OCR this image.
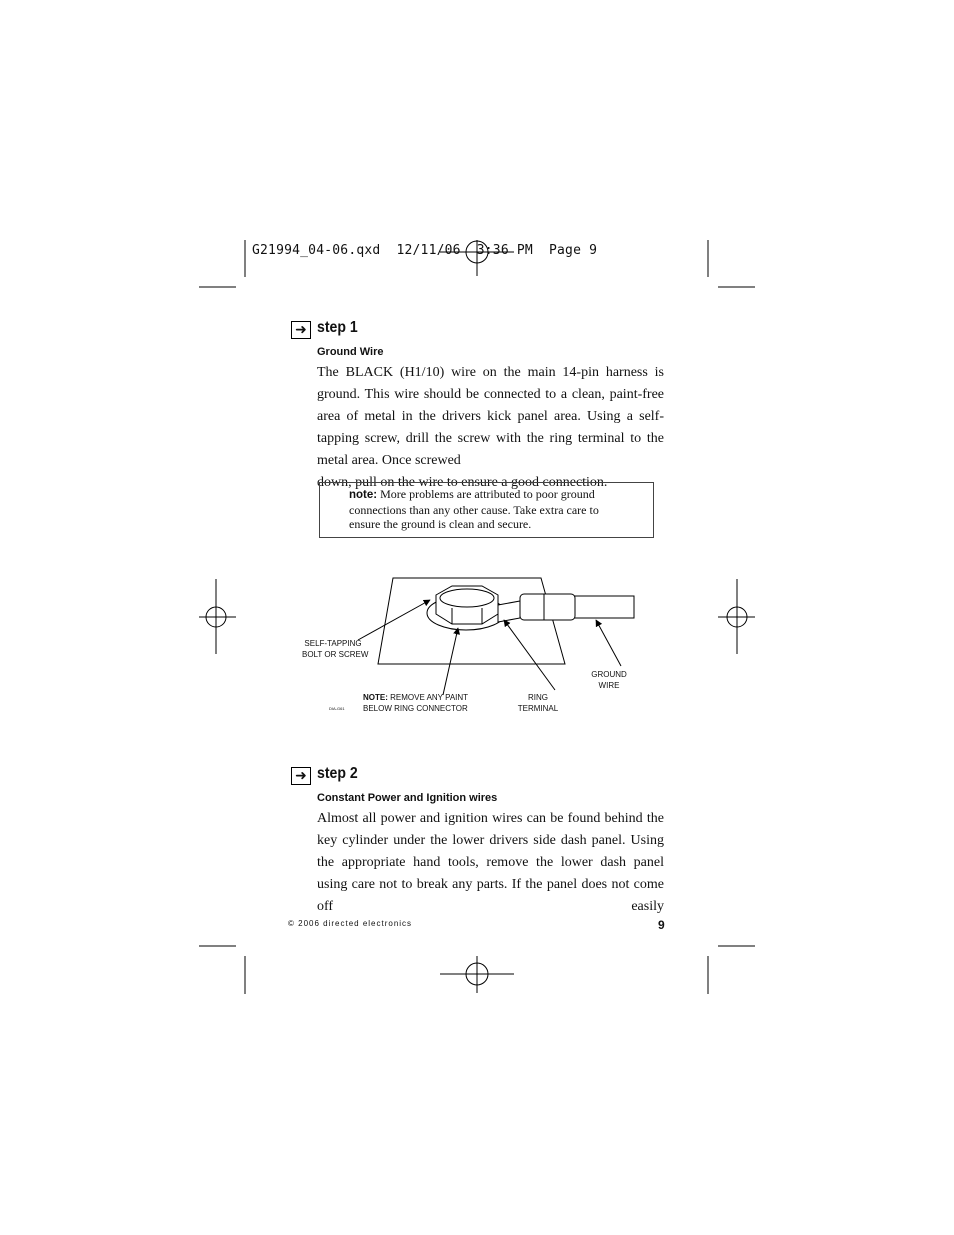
G21994_04-06.qxd  12/11/06  3:36 PM  Page 9
➜ step 1
Ground Wire
The BLACK (H1/10) wire on the main 14-pin harness is ground. This wire should be connected to a clean, paint-free area of metal in the drivers kick panel area. Using a self-tapping screw, drill the screw with the ring terminal to the metal area. Once screwed
down, pull on the wire to ensure a good connection.
note: More problems are attributed to poor ground connections than any other cause. Take extra care to ensure the ground is clean and secure.
SELF-TAPPING
BOLT OR SCREW
GROUND
WIRE
NOTE: REMOVE ANY PAINT
BELOW RING CONNECTOR
RING
TERMINAL
DIA-G61
➜ step 2
Constant Power and Ignition wires
Almost all power and ignition wires can be found behind the key cylinder under the lower drivers side dash panel. Using the appropriate hand tools, remove the lower dash panel using care not to break any parts. If the panel does not come off easily
© 2006 directed electronics	9
